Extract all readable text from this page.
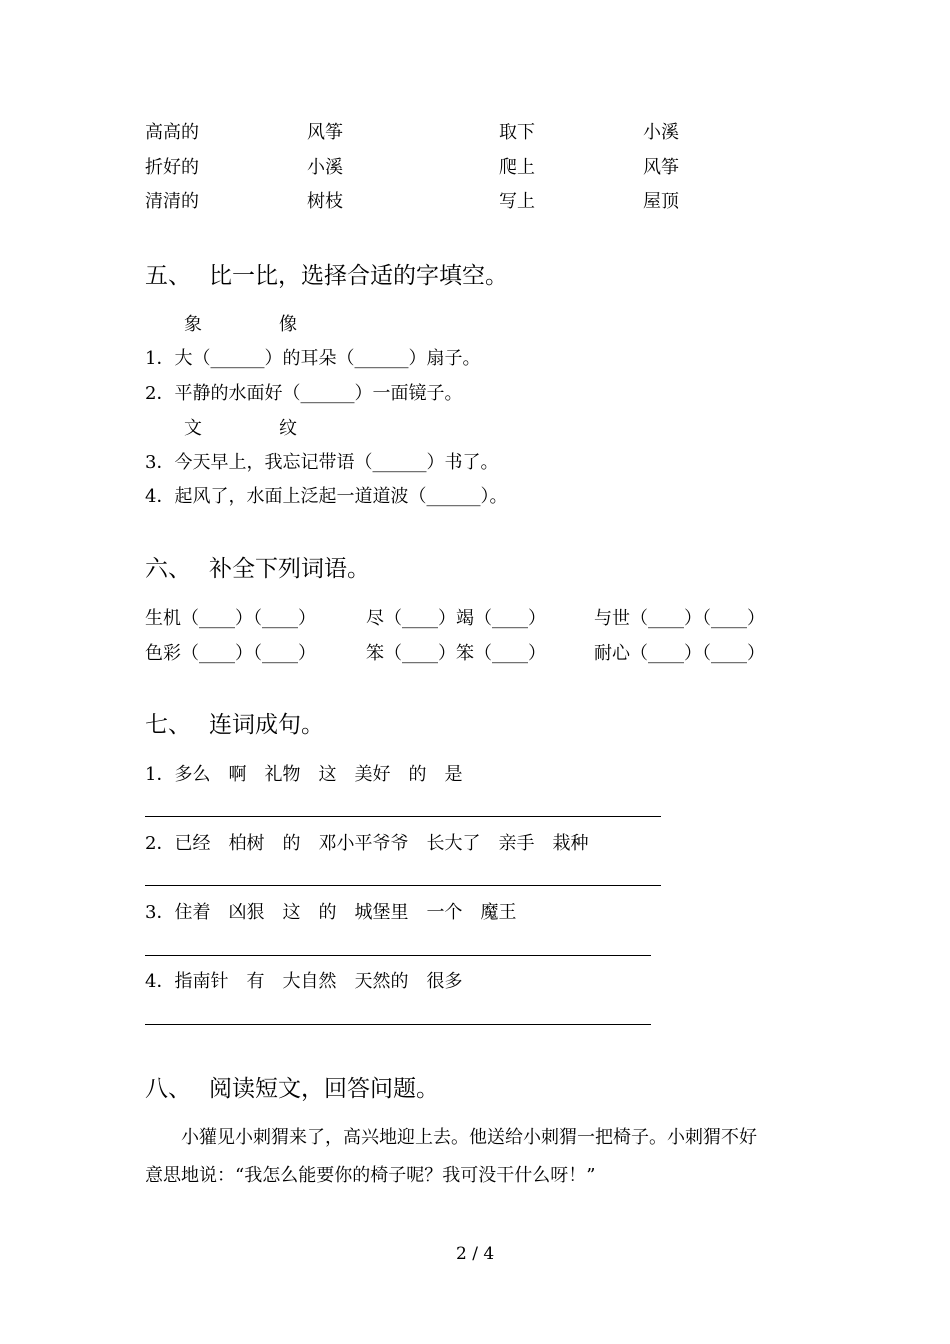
高高的	风筝	取下	小溪
折好的	小溪	爬上	风筝
清清的	树枝	写上	屋顶
五、 比一比，选择合适的字填空。
象	像
1．大（______）的耳朵（______）扇子。
2．平静的水面好（______）一面镜子。
文	纹
3．今天早上，我忘记带语（______）书了。
4．起风了，水面上泛起一道道波（______）。
六、 补全下列词语。
生机（____）（____）	尽（____）竭（____）	与世（____）（____）
色彩（____）（____）	笨（____）笨（____）	耐心（____）（____）
七、 连词成句。
1．多么　啊　礼物　这　美好　的　是
2．已经　柏树　的　邓小平爷爷　长大了　亲手　栽种
3．住着　凶狠　这　的　城堡里　一个　魔王
4．指南针　有　大自然　天然的　很多
八、 阅读短文，回答问题。
小獾见小刺猬来了，高兴地迎上去。他送给小刺猬一把椅子。小刺猬不好
意思地说：“我怎么能要你的椅子呢？我可没干什么呀！”
2 / 4
